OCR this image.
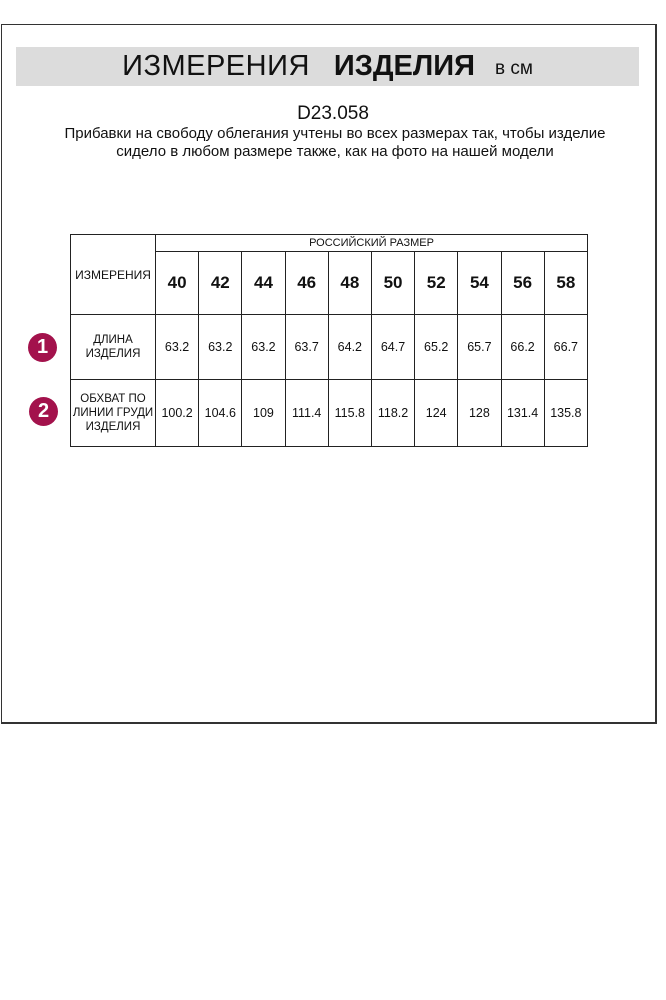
ИЗМЕРЕНИЯ ИЗДЕЛИЯ в см
D23.058
Прибавки на свободу облегания учтены во всех размерах так, чтобы изделие сидело в любом размере также, как на фото на нашей модели
ИЗМЕРЕНИЯ	РОССИЙСКИЙ РАЗМЕР									
	40	42	44	46	48	50	52	54	56	58
ДЛИНА ИЗДЕЛИЯ	63.2	63.2	63.2	63.7	64.2	64.7	65.2	65.7	66.2	66.7
ОБХВАТ ПО ЛИНИИ ГРУДИ ИЗДЕЛИЯ	100.2	104.6	109	111.4	115.8	118.2	124	128	131.4	135.8
1
2
